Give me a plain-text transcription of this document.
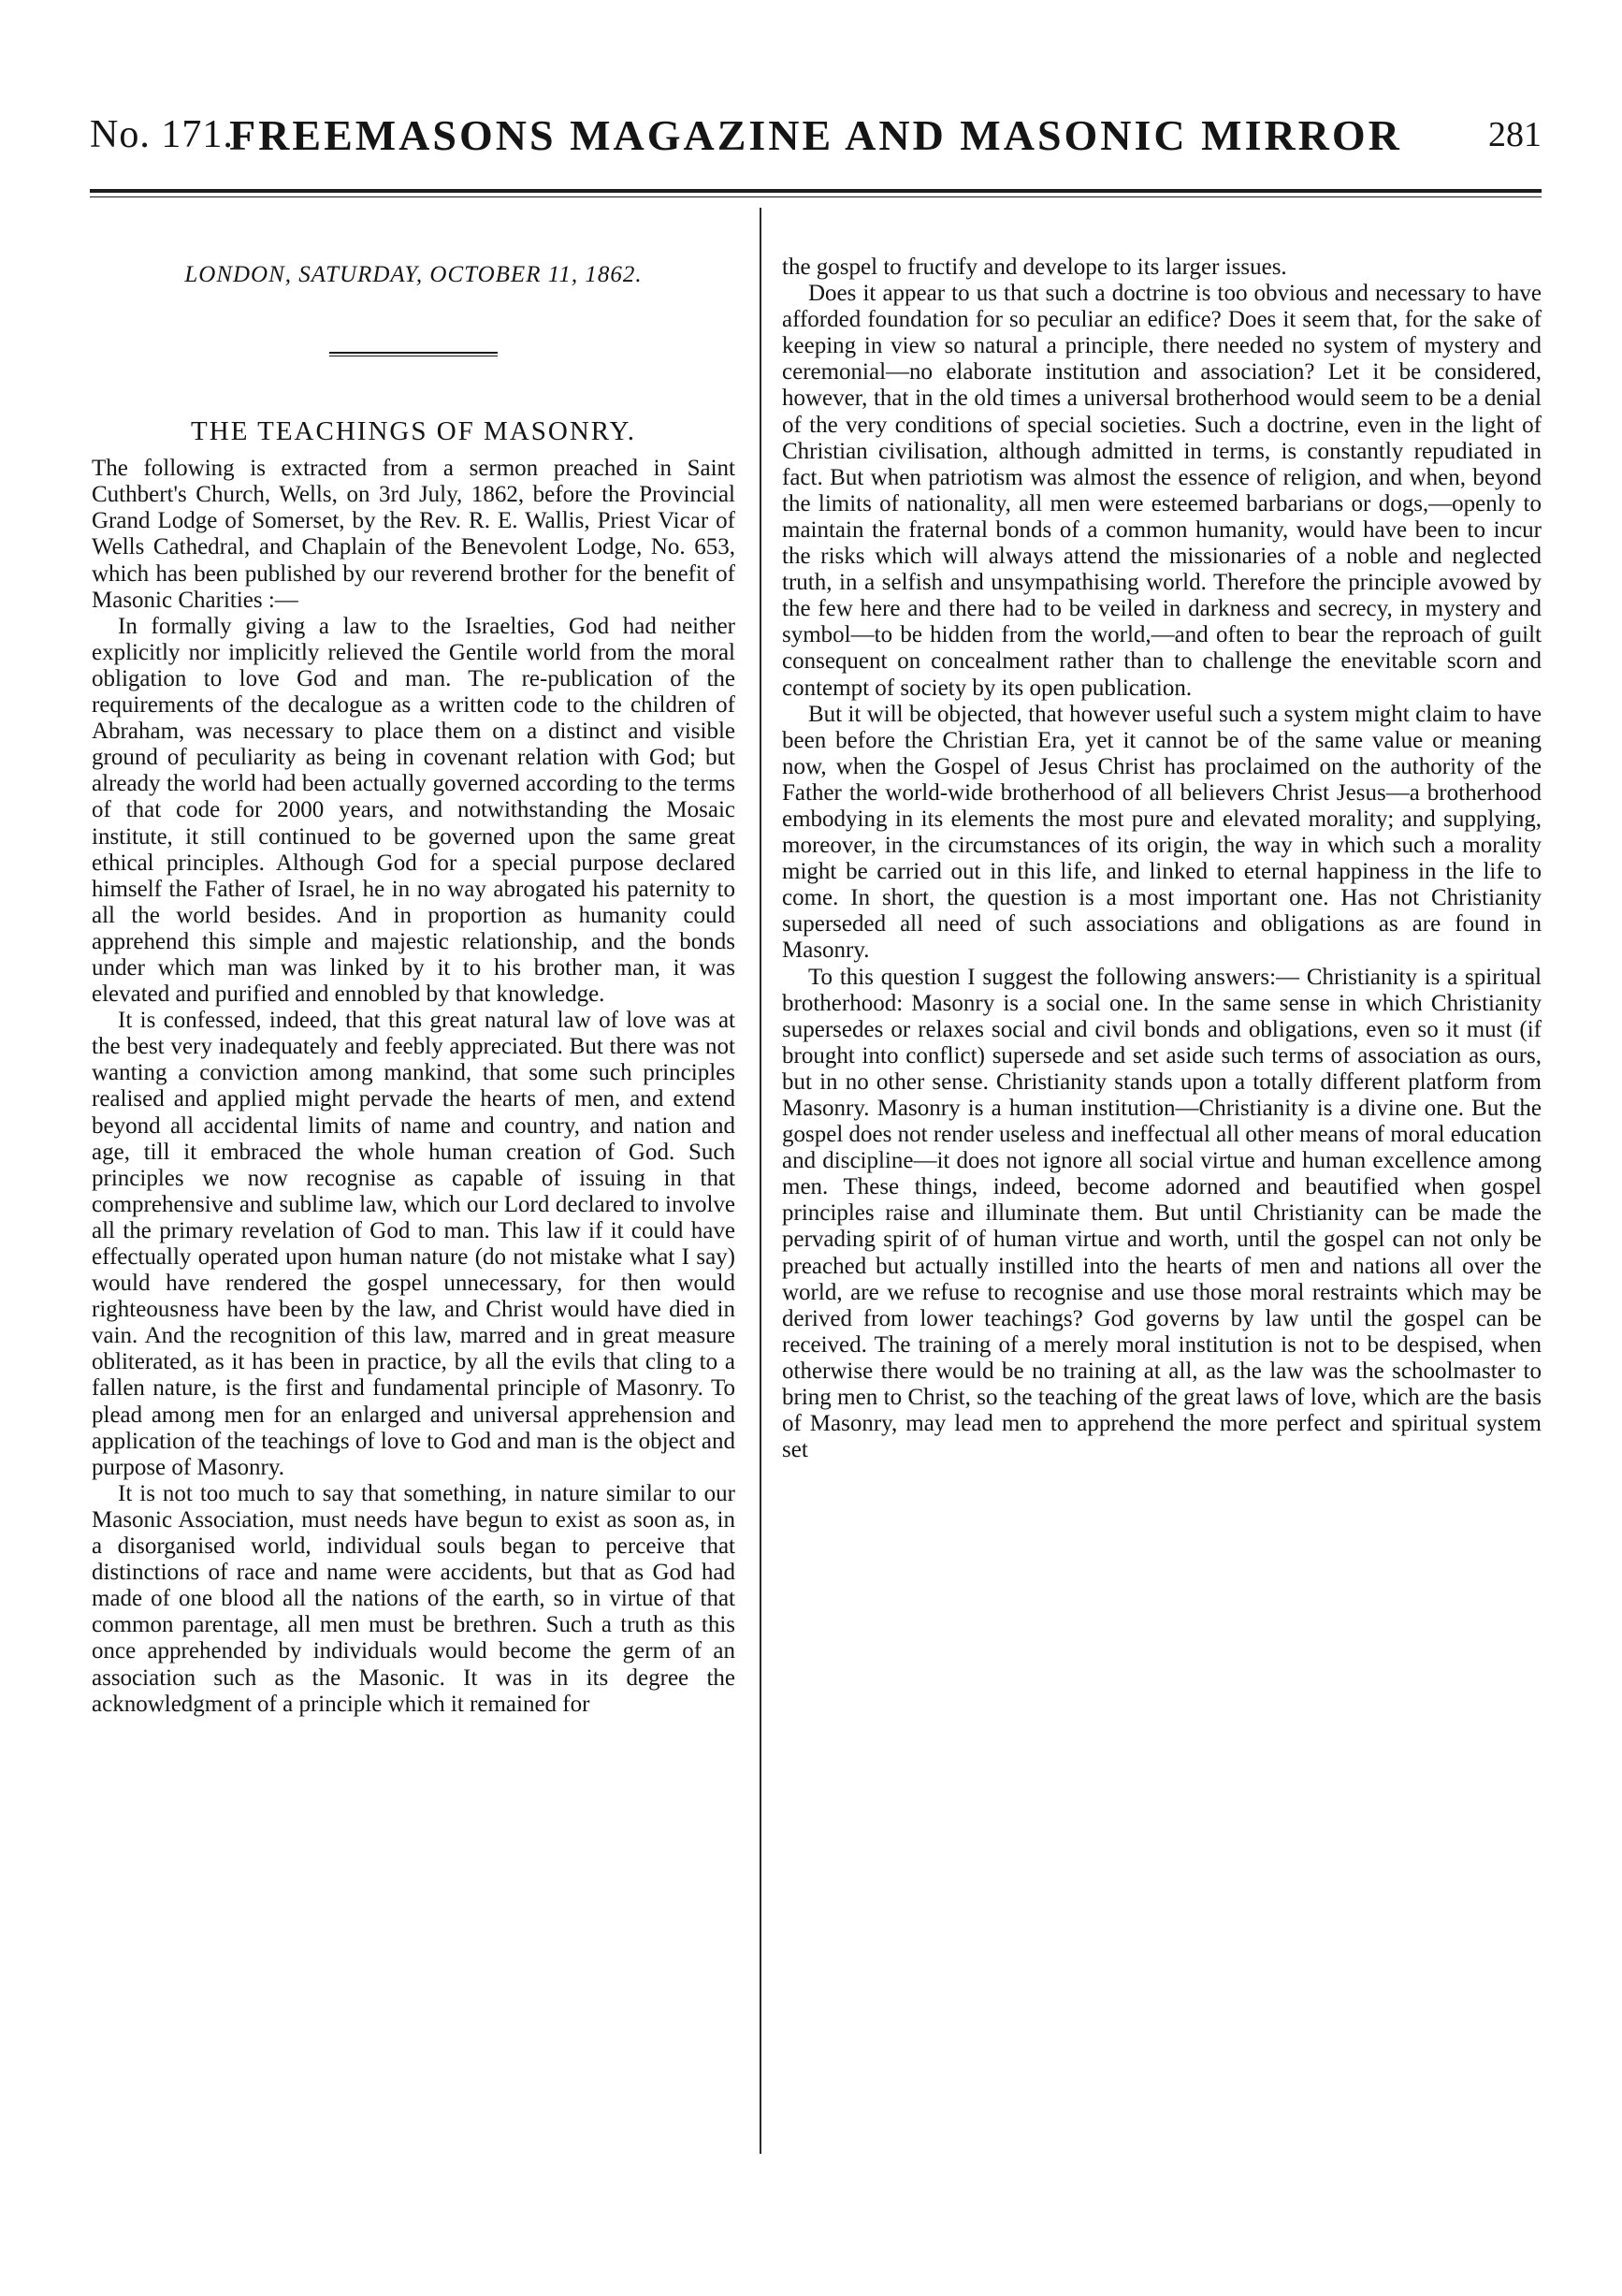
No. 171.
FREEMASONS MAGAZINE AND MASONIC MIRROR	281
LONDON, SATURDAY, OCTOBER 11, 1862.
THE TEACHINGS OF MASONRY.

The following is extracted from a sermon preached in Saint Cuthbert's Church, Wells, on 3rd July, 1862, before the Provincial Grand Lodge of Somerset, by the Rev. R. E. Wallis, Priest Vicar of Wells Cathedral, and Chaplain of the Benevolent Lodge, No. 653, which has been published by our reverend brother for the benefit of Masonic Charities :—

In formally giving a law to the Israelties, God had neither explicitly nor implicitly relieved the Gentile world from the moral obligation to love God and man. The re-publication of the requirements of the decalogue as a written code to the children of Abraham, was necessary to place them on a distinct and visible ground of peculiarity as being in covenant relation with God; but already the world had been actually governed according to the terms of that code for 2000 years, and notwithstanding the Mosaic institute, it still continued to be governed upon the same great ethical principles. Although God for a special purpose declared himself the Father of Israel, he in no way abrogated his paternity to all the world besides. And in proportion as humanity could apprehend this simple and majestic relationship, and the bonds under which man was linked by it to his brother man, it was elevated and purified and ennobled by that knowledge.

It is confessed, indeed, that this great natural law of love was at the best very inadequately and feebly appreciated. But there was not wanting a conviction among mankind, that some such principles realised and applied might pervade the hearts of men, and extend beyond all accidental limits of name and country, and nation and age, till it embraced the whole human creation of God. Such principles we now recognise as capable of issuing in that comprehensive and sublime law, which our Lord declared to involve all the primary revelation of God to man. This law if it could have effectually operated upon human nature (do not mistake what I say) would have rendered the gospel unnecessary, for then would righteousness have been by the law, and Christ would have died in vain. And the recognition of this law, marred and in great measure obliterated, as it has been in practice, by all the evils that cling to a fallen nature, is the first and fundamental principle of Masonry. To plead among men for an enlarged and universal apprehension and application of the teachings of love to God and man is the object and purpose of Masonry.

It is not too much to say that something, in nature similar to our Masonic Association, must needs have begun to exist as soon as, in a disorganised world, individual souls began to perceive that distinctions of race and name were accidents, but that as God had made of one blood all the nations of the earth, so in virtue of that common parentage, all men must be brethren. Such a truth as this once apprehended by individuals would become the germ of an association such as the Masonic. It was in its degree the acknowledgment of a principle which it remained for

the gospel to fructify and develope to its larger issues.

Does it appear to us that such a doctrine is too obvious and necessary to have afforded foundation for so peculiar an edifice? Does it seem that, for the sake of keeping in view so natural a principle, there needed no system of mystery and ceremonial—no elaborate institution and association? Let it be considered, however, that in the old times a universal brotherhood would seem to be a denial of the very conditions of special societies. Such a doctrine, even in the light of Christian civilisation, although admitted in terms, is constantly repudiated in fact. But when patriotism was almost the essence of religion, and when, beyond the limits of nationality, all men were esteemed barbarians or dogs,—openly to maintain the fraternal bonds of a common humanity, would have been to incur the risks which will always attend the missionaries of a noble and neglected truth, in a selfish and unsympathising world. Therefore the principle avowed by the few here and there had to be veiled in darkness and secrecy, in mystery and symbol—to be hidden from the world,—and often to bear the reproach of guilt consequent on concealment rather than to challenge the enevitable scorn and contempt of society by its open publication.

But it will be objected, that however useful such a system might claim to have been before the Christian Era, yet it cannot be of the same value or meaning now, when the Gospel of Jesus Christ has proclaimed on the authority of the Father the world-wide brotherhood of all believers Christ Jesus—a brotherhood embodying in its elements the most pure and elevated morality; and supplying, moreover, in the circumstances of its origin, the way in which such a morality might be carried out in this life, and linked to eternal happiness in the life to come. In short, the question is a most important one. Has not Christianity superseded all need of such associations and obligations as are found in Masonry.

To this question I suggest the following answers:— Christianity is a spiritual brotherhood: Masonry is a social one. In the same sense in which Christianity supersedes or relaxes social and civil bonds and obligations, even so it must (if brought into conflict) supersede and set aside such terms of association as ours, but in no other sense. Christianity stands upon a totally different platform from Masonry. Masonry is a human institution—Christianity is a divine one. But the gospel does not render useless and ineffectual all other means of moral education and discipline—it does not ignore all social virtue and human excellence among men. These things, indeed, become adorned and beautified when gospel principles raise and illuminate them. But until Christianity can be made the pervading spirit of of human virtue and worth, until the gospel can not only be preached but actually instilled into the hearts of men and nations all over the world, are we refuse to recognise and use those moral restraints which may be derived from lower teachings? God governs by law until the gospel can be received. The training of a merely moral institution is not to be despised, when otherwise there would be no training at all, as the law was the schoolmaster to bring men to Christ, so the teaching of the great laws of love, which are the basis of Masonry, may lead men to apprehend the more perfect and spiritual system set
